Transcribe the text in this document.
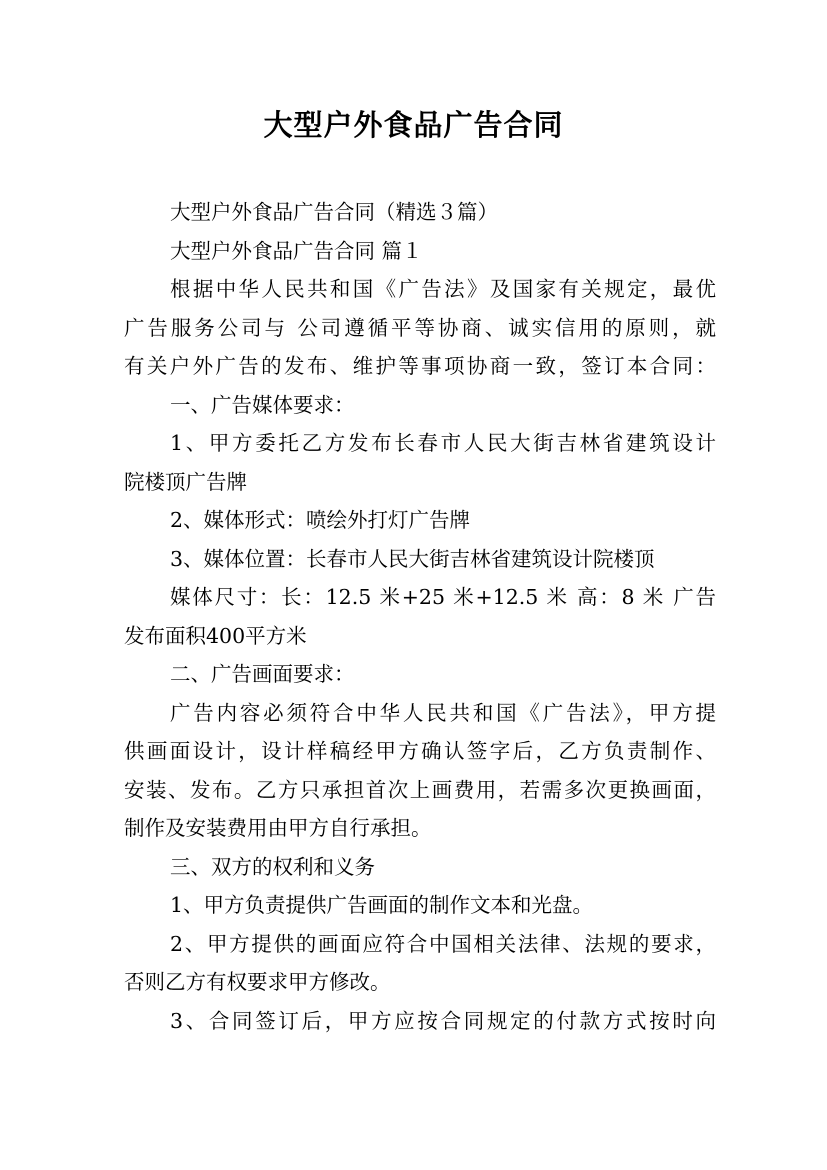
大型户外食品广告合同
大型户外食品广告合同（精选３篇）
大型户外食品广告合同 篇１
根据中华人民共和国《广告法》及国家有关规定，最优
广告服务公司与 公司遵循平等协商、诚实信用的原则，就
有关户外广告的发布、维护等事项协商一致，签订本合同：
一、广告媒体要求：
1、甲方委托乙方发布长春市人民大街吉林省建筑设计
院楼顶广告牌
2、媒体形式：喷绘外打灯广告牌
3、媒体位置：长春市人民大街吉林省建筑设计院楼顶
媒体尺寸：长：12.5 米+25 米+12.5 米 高：8 米 广告
发布面积400平方米
二、广告画面要求：
广告内容必须符合中华人民共和国《广告法》，甲方提
供画面设计，设计样稿经甲方确认签字后，乙方负责制作、
安装、发布。乙方只承担首次上画费用，若需多次更换画面，
制作及安装费用由甲方自行承担。
三、双方的权利和义务
1、甲方负责提供广告画面的制作文本和光盘。
2、甲方提供的画面应符合中国相关法律、法规的要求，
否则乙方有权要求甲方修改。
3、合同签订后，甲方应按合同规定的付款方式按时向
